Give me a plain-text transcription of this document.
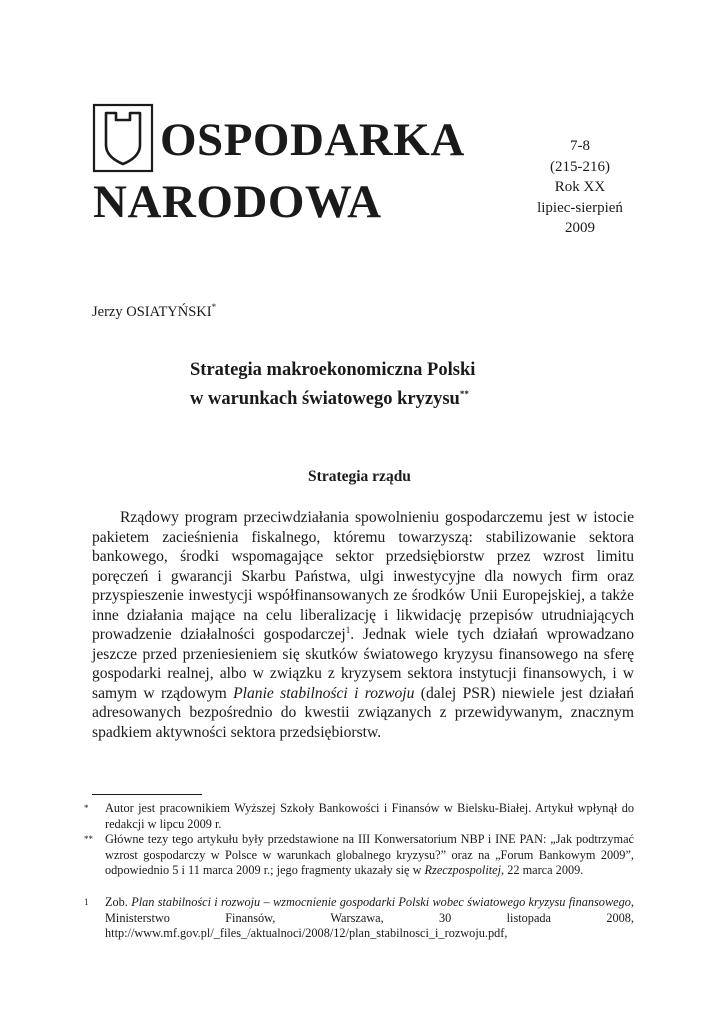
OSPODARKA
NARODOWA
7-8
(215-216)
Rok XX
lipiec-sierpień
2009
Jerzy OSIATYŃSKI*
Strategia makroekonomiczna Polski
w warunkach światowego kryzysu**
Strategia rządu

Rządowy program przeciwdziałania spowolnieniu gospodarczemu jest w istocie pakietem zacieśnienia fiskalnego, któremu towarzyszą: stabilizowanie sektora bankowego, środki wspomagające sektor przedsiębiorstw przez wzrost limitu poręczeń i gwarancji Skarbu Państwa, ulgi inwestycyjne dla nowych firm oraz przyspieszenie inwestycji współfinansowanych ze środków Unii Europejskiej, a także inne działania mające na celu liberalizację i likwidację przepisów utrudniających prowadzenie działalności gospodarczej$^1$. Jednak wiele tych działań wprowadzano jeszcze przed przeniesieniem się skutków światowego kryzysu finansowego na sferę gospodarki realnej, albo w związku z kryzysem sektora instytucji finansowych, i w samym w rządowym Planie stabilności i rozwoju (dalej PSR) niewiele jest działań adresowanych bezpośrednio do kwestii związanych z przewidywanym, znacznym spadkiem aktywności sektora przedsiębiorstw.

*	Autor jest pracownikiem Wyższej Szkoły Bankowości i Finansów w Bielsku-Białej. Artykuł wpłynął do redakcji w lipcu 2009 r.
** Główne tezy tego artykułu były przedstawione na III Konwersatorium NBP i INE PAN: „Jak podtrzymać wzrost gospodarczy w Polsce w warunkach globalnego kryzysu?” oraz na „Forum Bankowym 2009”, odpowiednio 5 i 11 marca 2009 r.; jego fragmenty ukazały się w Rzeczpospolitej, 22 marca 2009.
1	Zob. Plan stabilności i rozwoju – wzmocnienie gospodarki Polski wobec światowego kryzysu finansowego, Ministerstwo Finansów, Warszawa, 30 listopada 2008, http://www.mf.gov.pl/_files_/aktualnoci/2008/12/plan_stabilnosci_i_rozwoju.pdf,
